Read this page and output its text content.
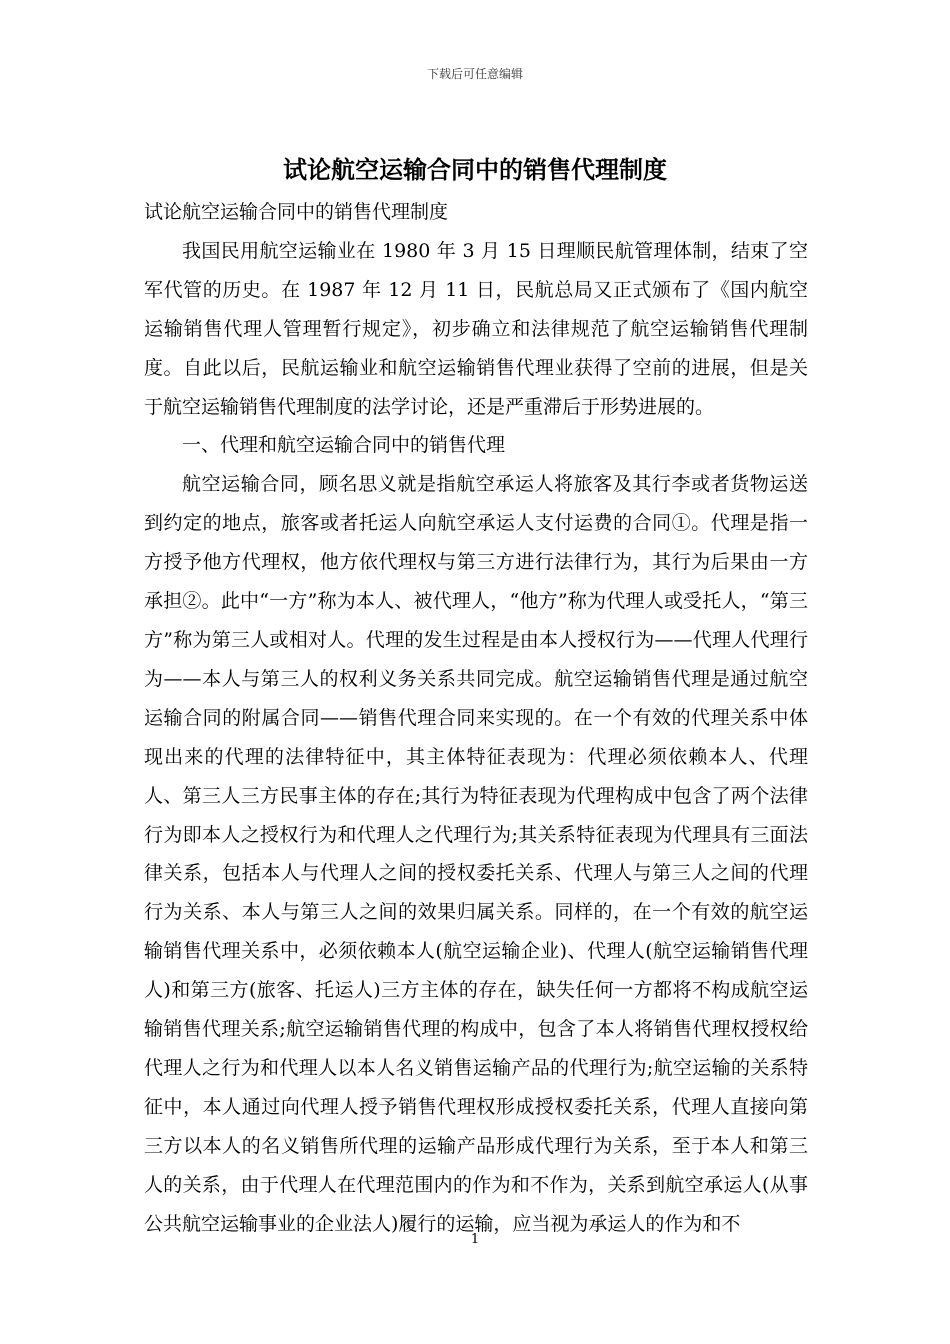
下载后可任意编辑
试论航空运输合同中的销售代理制度

试论航空运输合同中的销售代理制度

我国民用航空运输业在 1980 年 3 月 15 日理顺民航管理体制，结束了空军代管的历史。在 1987 年 12 月 11 日，民航总局又正式颁布了《国内航空运输销售代理人管理暂行规定》，初步确立和法律规范了航空运输销售代理制度。自此以后，民航运输业和航空运输销售代理业获得了空前的进展，但是关于航空运输销售代理制度的法学讨论，还是严重滞后于形势进展的。

一、代理和航空运输合同中的销售代理

航空运输合同，顾名思义就是指航空承运人将旅客及其行李或者货物运送到约定的地点，旅客或者托运人向航空承运人支付运费的合同①。代理是指一方授予他方代理权，他方依代理权与第三方进行法律行为，其行为后果由一方承担②。此中“一方”称为本人、被代理人，“他方”称为代理人或受托人，“第三方”称为第三人或相对人。代理的发生过程是由本人授权行为——代理人代理行为——本人与第三人的权利义务关系共同完成。航空运输销售代理是通过航空运输合同的附属合同——销售代理合同来实现的。在一个有效的代理关系中体现出来的代理的法律特征中，其主体特征表现为：代理必须依赖本人、代理人、第三人三方民事主体的存在;其行为特征表现为代理构成中包含了两个法律行为即本人之授权行为和代理人之代理行为;其关系特征表现为代理具有三面法律关系，包括本人与代理人之间的授权委托关系、代理人与第三人之间的代理行为关系、本人与第三人之间的效果归属关系。同样的，在一个有效的航空运输销售代理关系中，必须依赖本人(航空运输企业)、代理人(航空运输销售代理人)和第三方(旅客、托运人)三方主体的存在，缺失任何一方都将不构成航空运输销售代理关系;航空运输销售代理的构成中，包含了本人将销售代理权授权给代理人之行为和代理人以本人名义销售运输产品的代理行为;航空运输的关系特征中，本人通过向代理人授予销售代理权形成授权委托关系，代理人直接向第三方以本人的名义销售所代理的运输产品形成代理行为关系，至于本人和第三人的关系，由于代理人在代理范围内的作为和不作为，关系到航空承运人(从事公共航空运输事业的企业法人)履行的运输，应当视为承运人的作为和不

1
